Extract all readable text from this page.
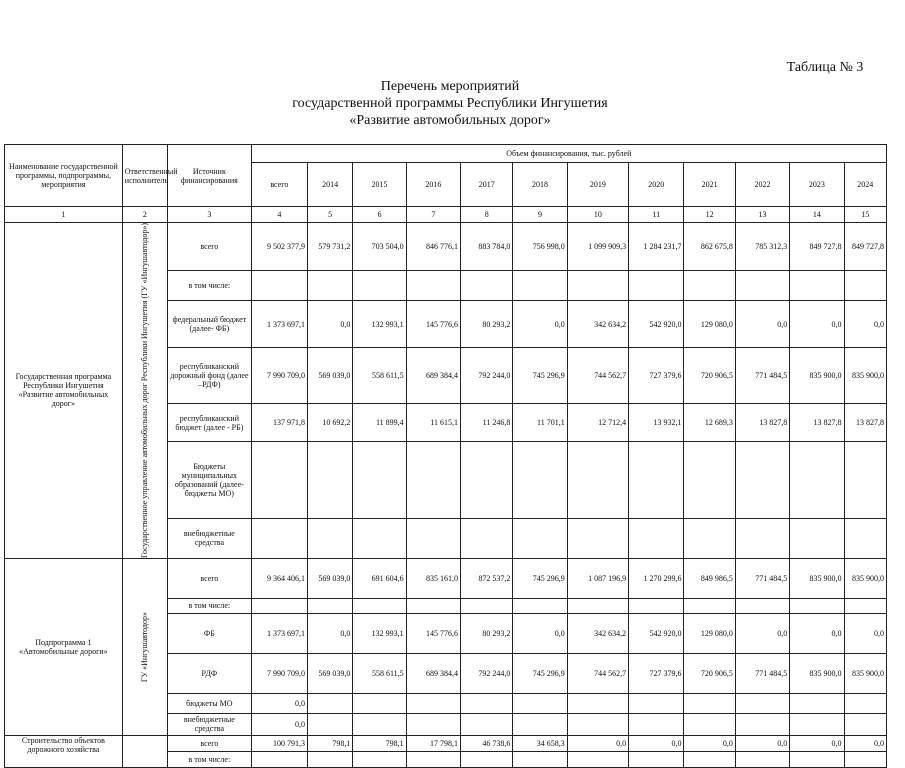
Таблица № 3
Перечень мероприятий
государственной программы Республики Ингушетия
«Развитие автомобильных дорог»
Наименование государственной программы, подпрограммы, мероприятия	Ответственный исполнитель	Источник финансирования	Объем финансирования, тыс. рублей											
			всего	2014	2015	2016	2017	2018	2019	2020	2021	2022	2023	2024
1	2	3	4	5	6	7	8	9	10	11	12	13	14	15
Государственная программа Республики Ингушетия «Развитие автомобильных дорог»	Государственное управление автомобильных дорог Республики Ингушетия (ГУ «Ингушавтодор»)	всего	9 502 377,9	579 731,2	703 504,0	846 776,1	883 784,0	756 998,0	1 099 909,3	1 284 231,7	862 675,8	785 312,3	849 727,8	849 727,8
		в том числе:												
		федеральный бюджет (далее- ФБ)	1 373 697,1	0,0	132 993,1	145 776,6	80 293,2	0,0	342 634,2	542 920,0	129 080,0	0,0	0,0	0,0
		республиканский дорожный фонд (далее –РДФ)	7 990 709,0	569 039,0	558 611,5	689 384,4	792 244,0	745 296,9	744 562,7	727 379,6	720 906,5	771 484,5	835 900,0	835 900,0
		республиканский бюджет (далее - РБ)	137 971,8	10 692,2	11 899,4	11 615,1	11 246,8	11 701,1	12 712,4	13 932,1	12 689,3	13 827,8	13 827,8	13 827,8
		Бюджеты муниципальных образований (далее-бюджеты МО)												
		внебюджетные средства												
Подпрограмма 1 «Автомобильные дороги»	ГУ «Ингушавтодор»	всего	9 364 406,1	569 039,0	691 604,6	835 161,0	872 537,2	745 296,9	1 087 196,9	1 270 299,6	849 986,5	771 484,5	835 900,0	835 900,0
		в том числе:												
		ФБ	1 373 697,1	0,0	132 993,1	145 776,6	80 293,2	0,0	342 634,2	542 920,0	129 080,0	0,0	0,0	0,0
		РДФ	7 990 709,0	569 039,0	558 611,5	689 384,4	792 244,0	745 296,9	744 562,7	727 379,6	720 906,5	771 484,5	835 900,0	835 900,0
		бюджеты МО	0,0											
		внебюджетные средства	0,0											
Строительство объектов дорожного хозяйства		всего	100 791,3	798,1	798,1	17 798,1	46 738,6	34 658,3	0,0	0,0	0,0	0,0	0,0	0,0
		в том числе:												
